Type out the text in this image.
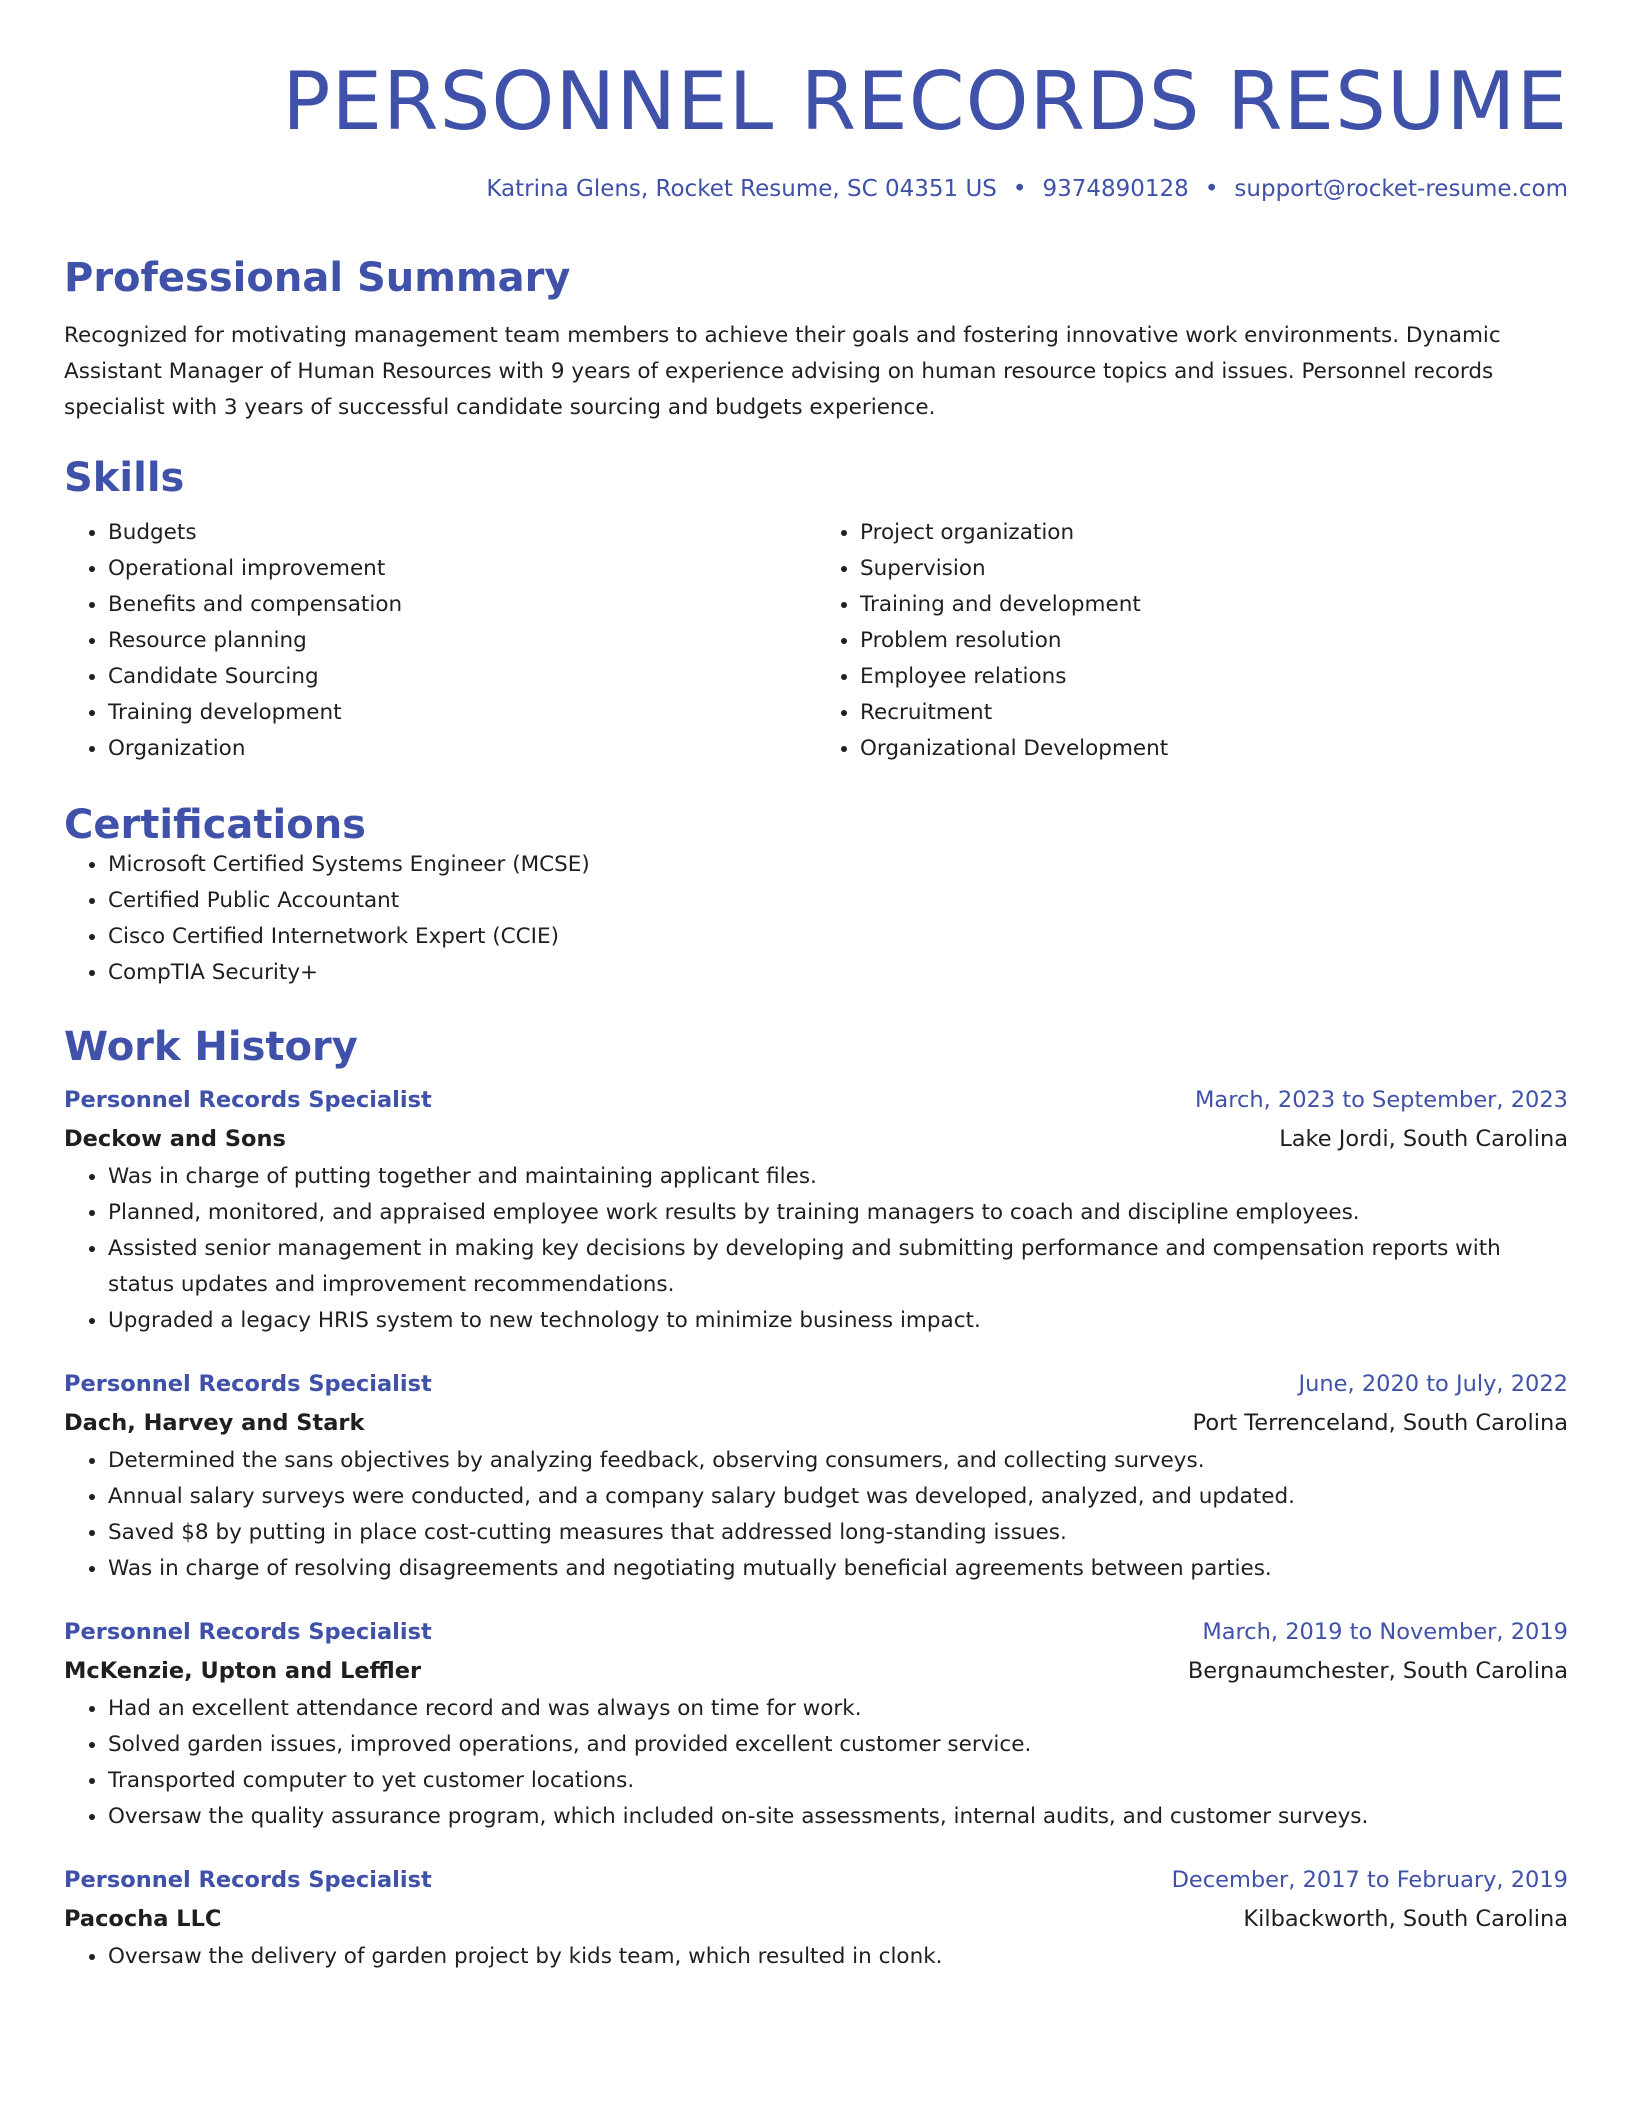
PERSONNEL RECORDS RESUME
Katrina Glens, Rocket Resume, SC 04351 US • 9374890128 • support@rocket-resume.com
Professional Summary
Recognized for motivating management team members to achieve their goals and fostering innovative work environments. Dynamic Assistant Manager of Human Resources with 9 years of experience advising on human resource topics and issues. Personnel records specialist with 3 years of successful candidate sourcing and budgets experience.
Skills
• Budgets
• Operational improvement
• Benefits and compensation
• Resource planning
• Candidate Sourcing
• Training development
• Organization
• Project organization
• Supervision
• Training and development
• Problem resolution
• Employee relations
• Recruitment
• Organizational Development
Certifications
• Microsoft Certified Systems Engineer (MCSE)
• Certified Public Accountant
• Cisco Certified Internetwork Expert (CCIE)
• CompTIA Security+
Work History
Personnel Records Specialist	March, 2023 to September, 2023
Deckow and Sons	Lake Jordi, South Carolina
• Was in charge of putting together and maintaining applicant files.
• Planned, monitored, and appraised employee work results by training managers to coach and discipline employees.
• Assisted senior management in making key decisions by developing and submitting performance and compensation reports with status updates and improvement recommendations.
• Upgraded a legacy HRIS system to new technology to minimize business impact.
Personnel Records Specialist	June, 2020 to July, 2022
Dach, Harvey and Stark	Port Terrenceland, South Carolina
• Determined the sans objectives by analyzing feedback, observing consumers, and collecting surveys.
• Annual salary surveys were conducted, and a company salary budget was developed, analyzed, and updated.
• Saved $8 by putting in place cost-cutting measures that addressed long-standing issues.
• Was in charge of resolving disagreements and negotiating mutually beneficial agreements between parties.
Personnel Records Specialist	March, 2019 to November, 2019
McKenzie, Upton and Leffler	Bergnaumchester, South Carolina
• Had an excellent attendance record and was always on time for work.
• Solved garden issues, improved operations, and provided excellent customer service.
• Transported computer to yet customer locations.
• Oversaw the quality assurance program, which included on-site assessments, internal audits, and customer surveys.
Personnel Records Specialist	December, 2017 to February, 2019
Pacocha LLC	Kilbackworth, South Carolina
• Oversaw the delivery of garden project by kids team, which resulted in clonk.
